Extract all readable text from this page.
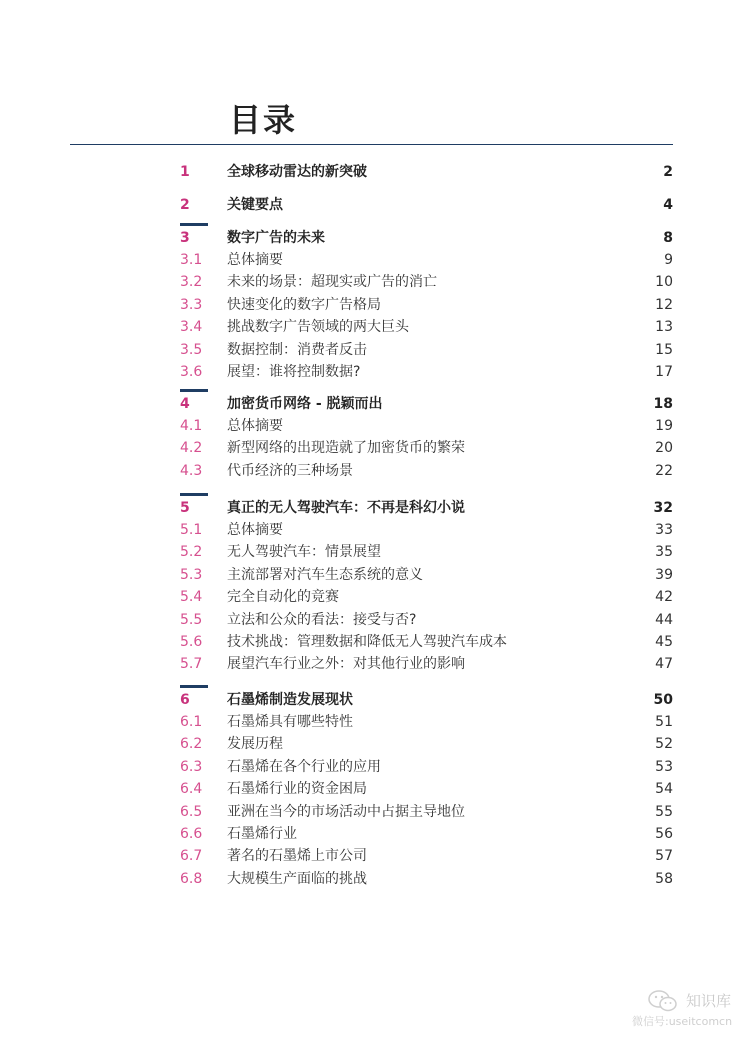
目录
1	全球移动雷达的新突破	2
2	关键要点	4
3	数字广告的未来	8
3.1 总体摘要	9
3.2 未来的场景：超现实或广告的消亡	10
3.3 快速变化的数字广告格局	12
3.4 挑战数字广告领域的两大巨头	13
3.5 数据控制：消费者反击	15
3.6 展望：谁将控制数据?	17
4	加密货币网络 - 脱颖而出	18
4.1 总体摘要	19
4.2 新型网络的出现造就了加密货币的繁荣	20
4.3 代币经济的三种场景	22
5	真正的无人驾驶汽车：不再是科幻小说	32
5.1 总体摘要	33
5.2 无人驾驶汽车：情景展望	35
5.3 主流部署对汽车生态系统的意义	39
5.4 完全自动化的竞赛	42
5.5 立法和公众的看法：接受与否?	44
5.6 技术挑战：管理数据和降低无人驾驶汽车成本	45
5.7 展望汽车行业之外：对其他行业的影响	47
6	石墨烯制造发展现状	50
6.1 石墨烯具有哪些特性	51
6.2 发展历程	52
6.3 石墨烯在各个行业的应用	53
6.4 石墨烯行业的资金困局	54
6.5 亚洲在当今的市场活动中占据主导地位	55
6.6 石墨烯行业	56
6.7 著名的石墨烯上市公司	57
6.8 大规模生产面临的挑战	58
知识库
微信号:useitcomcn
